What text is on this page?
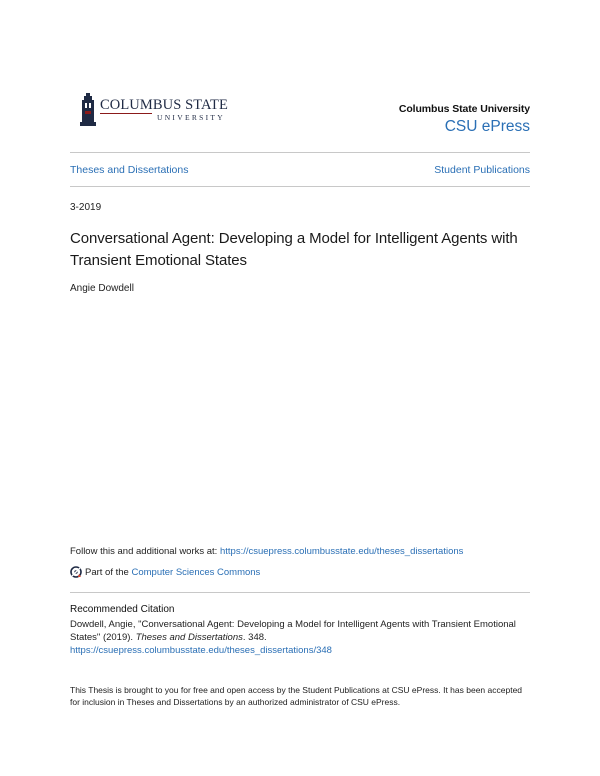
COLUMBUS STATE
UNIVERSITY
Columbus State University
CSU ePress
Theses and Dissertations	Student Publications
3-2019
Conversational Agent: Developing a Model for Intelligent Agents with Transient Emotional States
Angie Dowdell
Follow this and additional works at: https://csuepress.columbusstate.edu/theses_dissertations
Part of the
Computer Sciences Commons
Recommended Citation
Dowdell, Angie, "Conversational Agent: Developing a Model for Intelligent Agents with Transient Emotional States" (2019). Theses and Dissertations. 348.
https://csuepress.columbusstate.edu/theses_dissertations/348
This Thesis is brought to you for free and open access by the Student Publications at CSU ePress. It has been accepted for inclusion in Theses and Dissertations by an authorized administrator of CSU ePress.
